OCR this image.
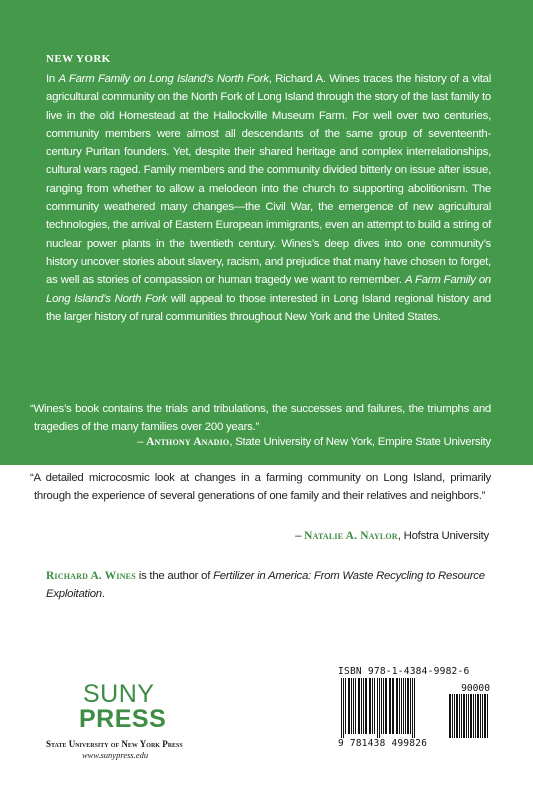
NEW YORK
In A Farm Family on Long Island’s North Fork, Richard A. Wines traces the history of a vital agricultural community on the North Fork of Long Island through the story of the last family to live in the old Homestead at the Hallockville Museum Farm. For well over two centuries, community members were almost all descendants of the same group of seventeenth-century Puritan founders. Yet, despite their shared heritage and complex interrelationships, cultural wars raged. Family members and the community divided bitterly on issue after issue, ranging from whether to allow a melodeon into the church to supporting abolitionism. The community weathered many changes—the Civil War, the emergence of new agricultural technologies, the arrival of Eastern European immigrants, even an attempt to build a string of nuclear power plants in the twentieth century. Wines’s deep dives into one community’s history uncover stories about slavery, racism, and prejudice that many have chosen to forget, as well as stories of compassion or human tragedy we want to remember. A Farm Family on Long Island’s North Fork will appeal to those interested in Long Island regional history and the larger history of rural communities throughout New York and the United States.
“Wines’s book contains the trials and tribulations, the successes and failures, the triumphs and tragedies of the many families over 200 years.”
– Anthony Anadio, State University of New York, Empire State University
“A detailed microcosmic look at changes in a farming community on Long Island, primarily through the experience of several generations of one family and their relatives and neighbors.”
– Natalie A. Naylor, Hofstra University
Richard A. Wines is the author of Fertilizer in America: From Waste Recycling to Resource Exploitation.
SUNY
PRESS
State University of New York Press
www.sunypress.edu
ISBN 978-1-4384-9982-6
90000
9 781438 499826
